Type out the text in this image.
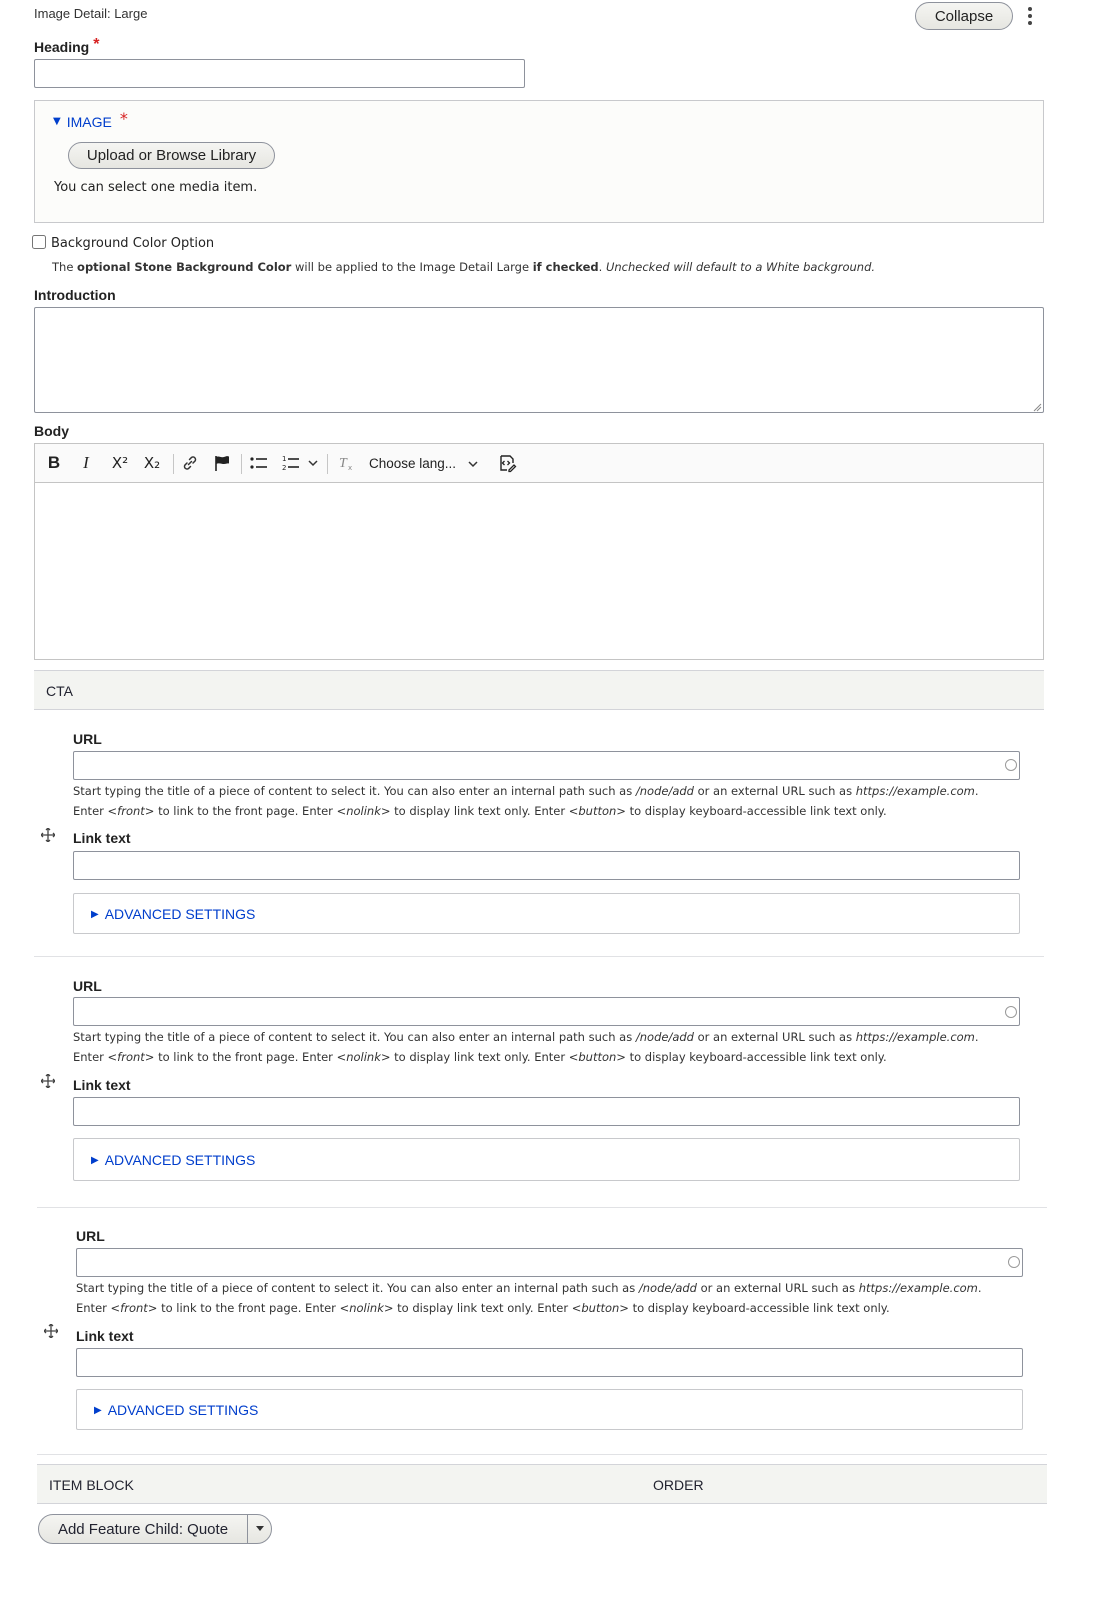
Image Detail: Large	Collapse
Heading *
▼ IMAGE *
Upload or Browse Library
You can select one media item.
Background Color Option
The optional Stone Background Color will be applied to the Image Detail Large if checked. Unchecked will default to a White background.
Introduction
Body
B	I	X²	X₂	1
2	T x Choose lang...
CTA
URL
Start typing the title of a piece of content to select it. You can also enter an internal path such as /node/add or an external URL such as https://example.com.
Enter <front> to link to the front page. Enter <nolink> to display link text only. Enter <button> to display keyboard-accessible link text only.
Link text
▶ ADVANCED SETTINGS
URL
Start typing the title of a piece of content to select it. You can also enter an internal path such as /node/add or an external URL such as https://example.com.
Enter <front> to link to the front page. Enter <nolink> to display link text only. Enter <button> to display keyboard-accessible link text only.
Link text
▶ ADVANCED SETTINGS
URL
Start typing the title of a piece of content to select it. You can also enter an internal path such as /node/add or an external URL such as https://example.com.
Enter <front> to link to the front page. Enter <nolink> to display link text only. Enter <button> to display keyboard-accessible link text only.
Link text
▶ ADVANCED SETTINGS
ITEM BLOCK	ORDER
Add Feature Child: Quote
